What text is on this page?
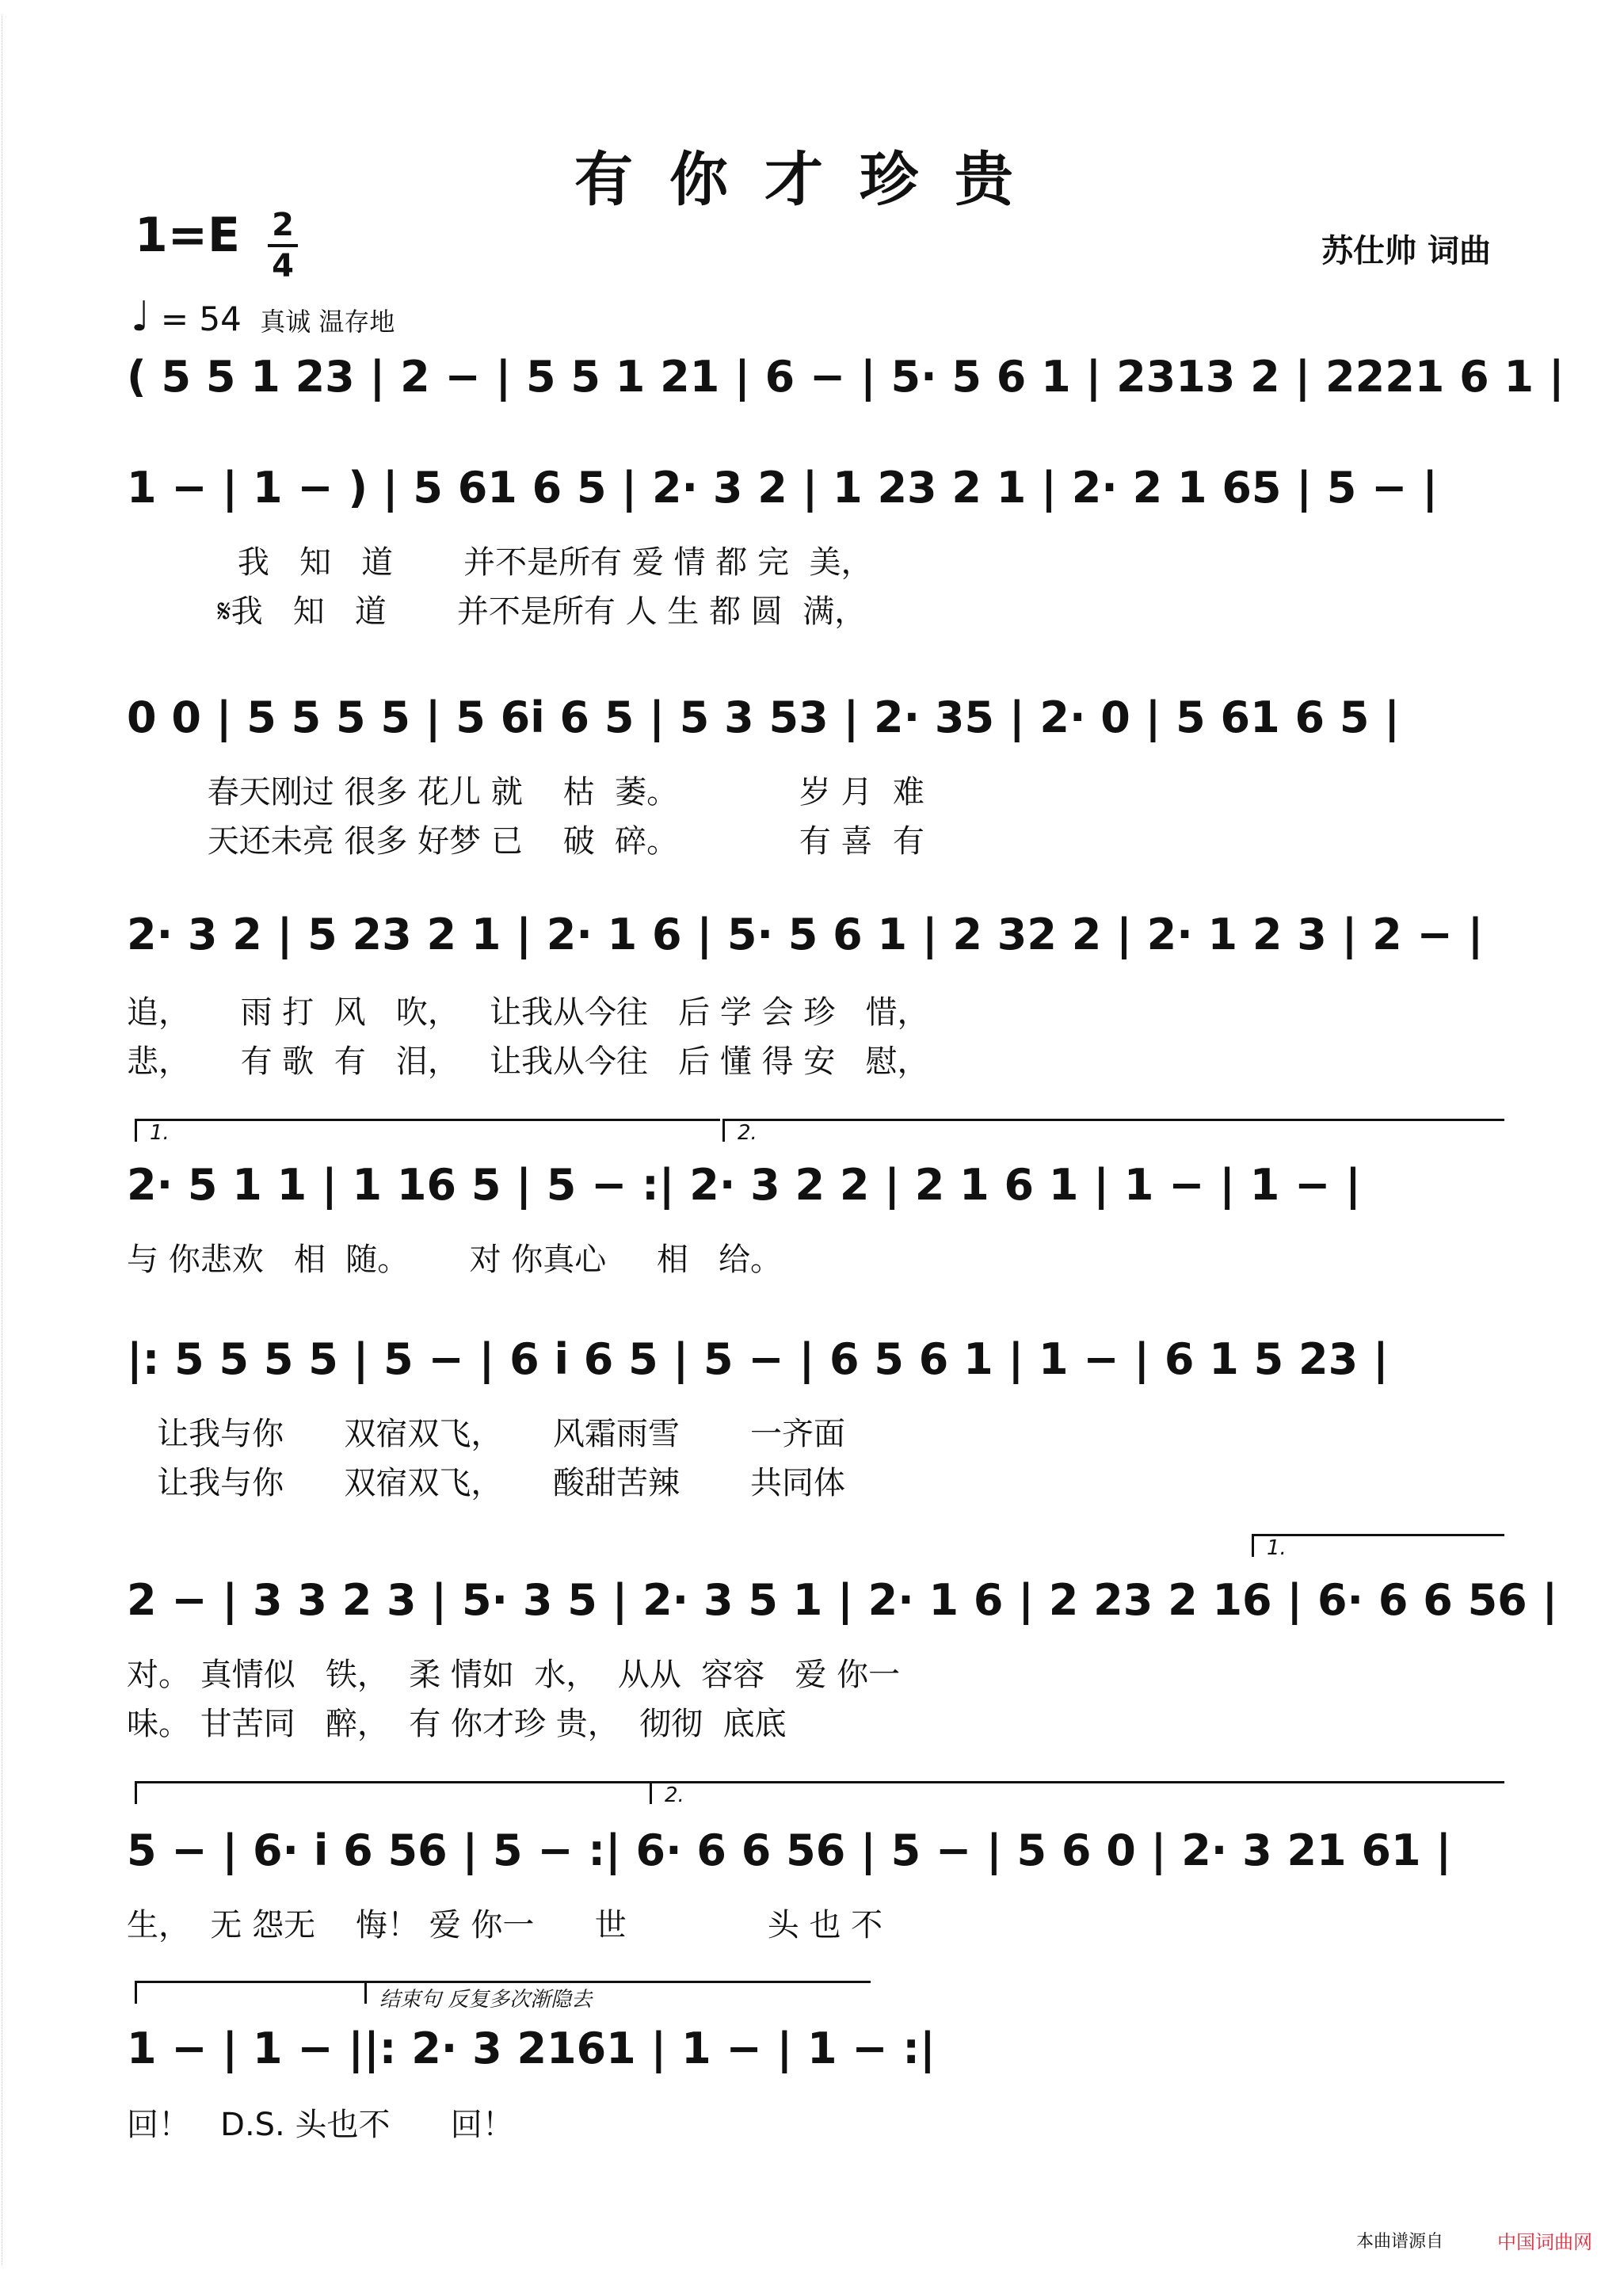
有你才珍贵
1=E 2
4	苏仕帅 词曲
♩ = 54 真诚 温存地
( 5 5 1 23 | 2 − | 5 5 1 21 | 6 − | 5· 5 6 1 | 2313 2 | 2221 6 1 |
1 − | 1 − ) | 5 61 6 5 | 2· 3 2 | 1 23 2 1 | 2· 2 1 65 | 5 − |
我   知   道       并不是所有 爱 情 都 完  美，
𝄋我   知   道       并不是所有 人 生 都 圆  满，
0 0 | 5 5 5 5 | 5 6i 6 5 | 5 3 53 | 2· 35 | 2· 0 | 5 61 6 5 |
春天刚过 很多 花儿 就    枯  萎。            岁 月  难
天还未亮 很多 好梦 已    破  碎。            有 喜  有
2· 3 2 | 5 23 2 1 | 2· 1 6 | 5· 5 6 1 | 2 32 2 | 2· 1 2 3 | 2 − |
追，     雨 打  风   吹，   让我从今往   后 学 会 珍   惜，
悲，     有 歌  有   泪，   让我从今往   后 懂 得 安   慰，
1.	2.
2· 5 1 1 | 1 16 5 | 5 − :| 2· 3 2 2 | 2 1 6 1 | 1 − | 1 − |
与 你悲欢   相  随。      对 你真心     相   给。
|: 5 5 5 5 | 5 − | 6 i 6 5 | 5 − | 6 5 6 1 | 1 − | 6 1 5 23 |
让我与你      双宿双飞，     风霜雨雪       一齐面
让我与你      双宿双飞，     酸甜苦辣       共同体
1.
2 − | 3 3 2 3 | 5· 3 5 | 2· 3 5 1 | 2· 1 6 | 2 23 2 16 | 6· 6 6 56 |
对。 真情似   铁，  柔 情如  水，  从从  容容   爱 你一
味。 甘苦同   醉，  有 你才珍 贵，  彻彻  底底
2.
5 − | 6· i 6 56 | 5 − :| 6· 6 6 56 | 5 − | 5 6 0 | 2· 3 21 61 |
生，  无 怨无    悔！ 爱 你一      世              头 也 不
结束句 反复多次渐隐去
1 − | 1 − ||: 2· 3 2161 | 1 − | 1 − :|
回！   D.S. 头也不      回！
本曲谱源自	中国词曲网
